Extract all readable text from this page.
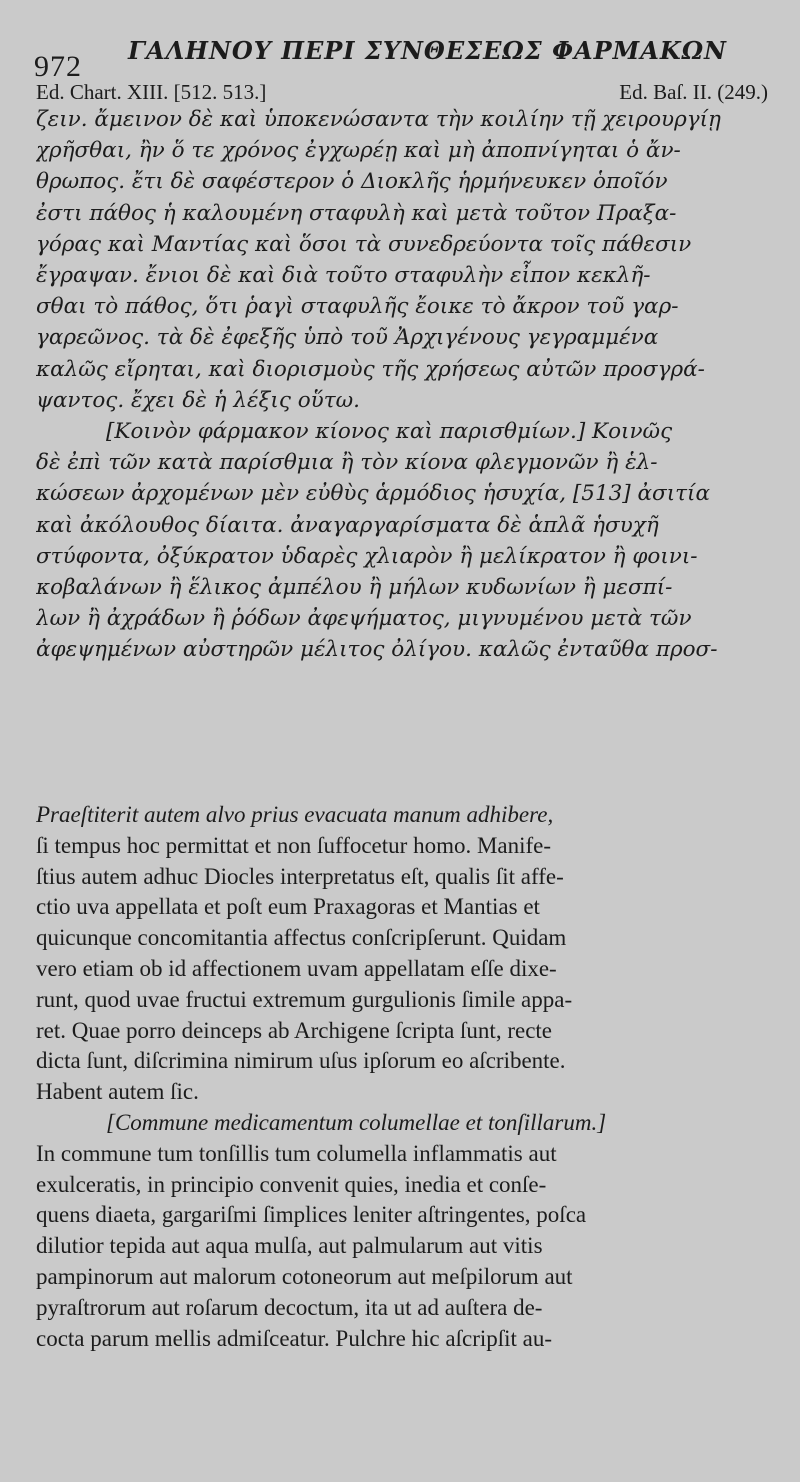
972 ΓΑΛΗΝΟΥ ΠΕΡΙ ΣΥΝΘΕΣΕΩΣ ΦΑΡΜΑΚΩΝ
Ed. Chart. XIII. [512. 513.]	Ed. Baſ. II. (249.)
ζειν. ἄμεινον δὲ καὶ ὑποκενώσαντα τὴν κοιλίην τῇ χειρουργίῃ
χρῆσθαι, ἢν ὅ τε χρόνος ἐγχωρέῃ καὶ μὴ ἀποπνίγηται ὁ ἄν-
θρωπος. ἔτι δὲ σαφέστερον ὁ Διοκλῆς ἡρμήνευκεν ὁποῖόν
ἐστι πάθος ἡ καλουμένη σταφυλὴ καὶ μετὰ τοῦτον Πραξα-
γόρας καὶ Μαντίας καὶ ὅσοι τὰ συνεδρεύοντα τοῖς πάθεσιν
ἔγραψαν. ἔνιοι δὲ καὶ διὰ τοῦτο σταφυλὴν εἶπον κεκλῆ-
σθαι τὸ πάθος, ὅτι ῥαγὶ σταφυλῆς ἔοικε τὸ ἄκρον τοῦ γαρ-
γαρεῶνος. τὰ δὲ ἐφεξῆς ὑπὸ τοῦ Ἀρχιγένους γεγραμμένα
καλῶς εἴρηται, καὶ διορισμοὺς τῆς χρήσεως αὐτῶν προσγρά-
ψαντος. ἔχει δὲ ἡ λέξις οὕτω.
[Κοινὸν φάρμακον κίονος καὶ παρισθμίων.] Κοινῶς
δὲ ἐπὶ τῶν κατὰ παρίσθμια ἢ τὸν κίονα φλεγμονῶν ἢ ἑλ-
κώσεων ἀρχομένων μὲν εὐθὺς ἁρμόδιος ἡσυχία, [513] ἀσιτία
καὶ ἀκόλουθος δίαιτα. ἀναγαργαρίσματα δὲ ἁπλᾶ ἡσυχῆ
στύφοντα, ὀξύκρατον ὑδαρὲς χλιαρὸν ἢ μελίκρατον ἢ φοινι-
κοβαλάνων ἢ ἕλικος ἀμπέλου ἢ μήλων κυδωνίων ἢ μεσπί-
λων ἢ ἀχράδων ἢ ῥόδων ἀφεψήματος, μιγνυμένου μετὰ τῶν
ἀφεψημένων αὐστηρῶν μέλιτος ὀλίγου. καλῶς ἐνταῦθα προσ-
Praeſtiterit autem alvo prius evacuata manum adhibere,
ſi tempus hoc permittat et non ſuffocetur homo. Manife-
ſtius autem adhuc Diocles interpretatus eſt, qualis ſit affe-
ctio uva appellata et poſt eum Praxagoras et Mantias et
quicunque concomitantia affectus conſcripſerunt. Quidam
vero etiam ob id affectionem uvam appellatam eſſe dixe-
runt, quod uvae fructui extremum gurgulionis ſimile appa-
ret. Quae porro deinceps ab Archigene ſcripta ſunt, recte
dicta ſunt, diſcrimina nimirum uſus ipſorum eo aſcribente.
Habent autem ſic.
[Commune medicamentum columellae et tonſillarum.]
In commune tum tonſillis tum columella inflammatis aut
exulceratis, in principio convenit quies, inedia et conſe-
quens diaeta, gargariſmi ſimplices leniter aſtringentes, poſca
dilutior tepida aut aqua mulſa, aut palmularum aut vitis
pampinorum aut malorum cotoneorum aut meſpilorum aut
pyraſtrorum aut roſarum decoctum, ita ut ad auſtera de-
cocta parum mellis admiſceatur. Pulchre hic aſcripſit au-
